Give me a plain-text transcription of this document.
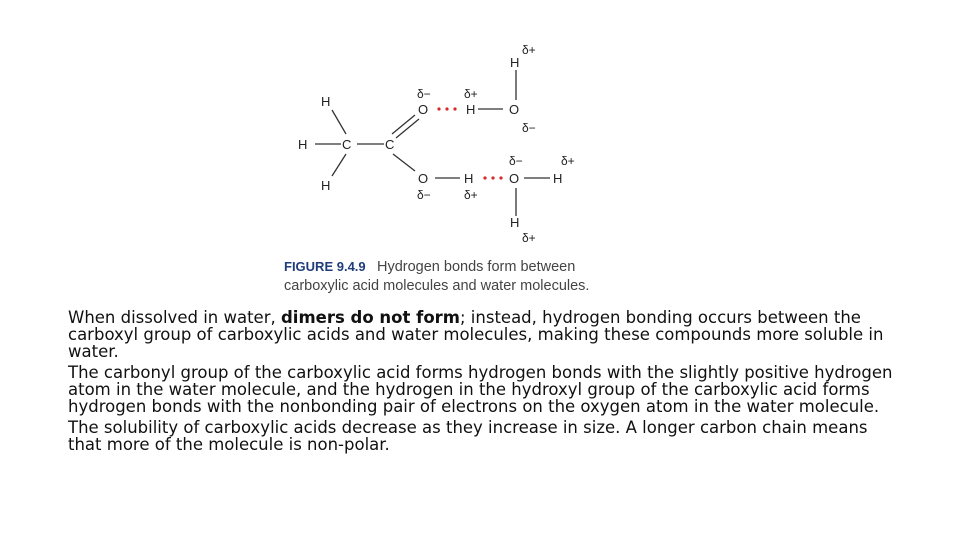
H
H	C	C
H
O
O	H
H	O
H
O	H
H
δ−	δ+
δ+
δ−
δ−	δ+
δ−	δ+
δ+
FIGURE 9.4.9 Hydrogen bonds form between
carboxylic acid molecules and water molecules.

When dissolved in water, dimers do not form; instead, hydrogen bonding occurs between the carboxyl group of carboxylic acids and water molecules, making these compounds more soluble in water.

The carbonyl group of the carboxylic acid forms hydrogen bonds with the slightly positive hydrogen atom in the water molecule, and the hydrogen in the hydroxyl group of the carboxylic acid forms hydrogen bonds with the nonbonding pair of electrons on the oxygen atom in the water molecule.

The solubility of carboxylic acids decrease as they increase in size. A longer carbon chain means that more of the molecule is non-polar.
